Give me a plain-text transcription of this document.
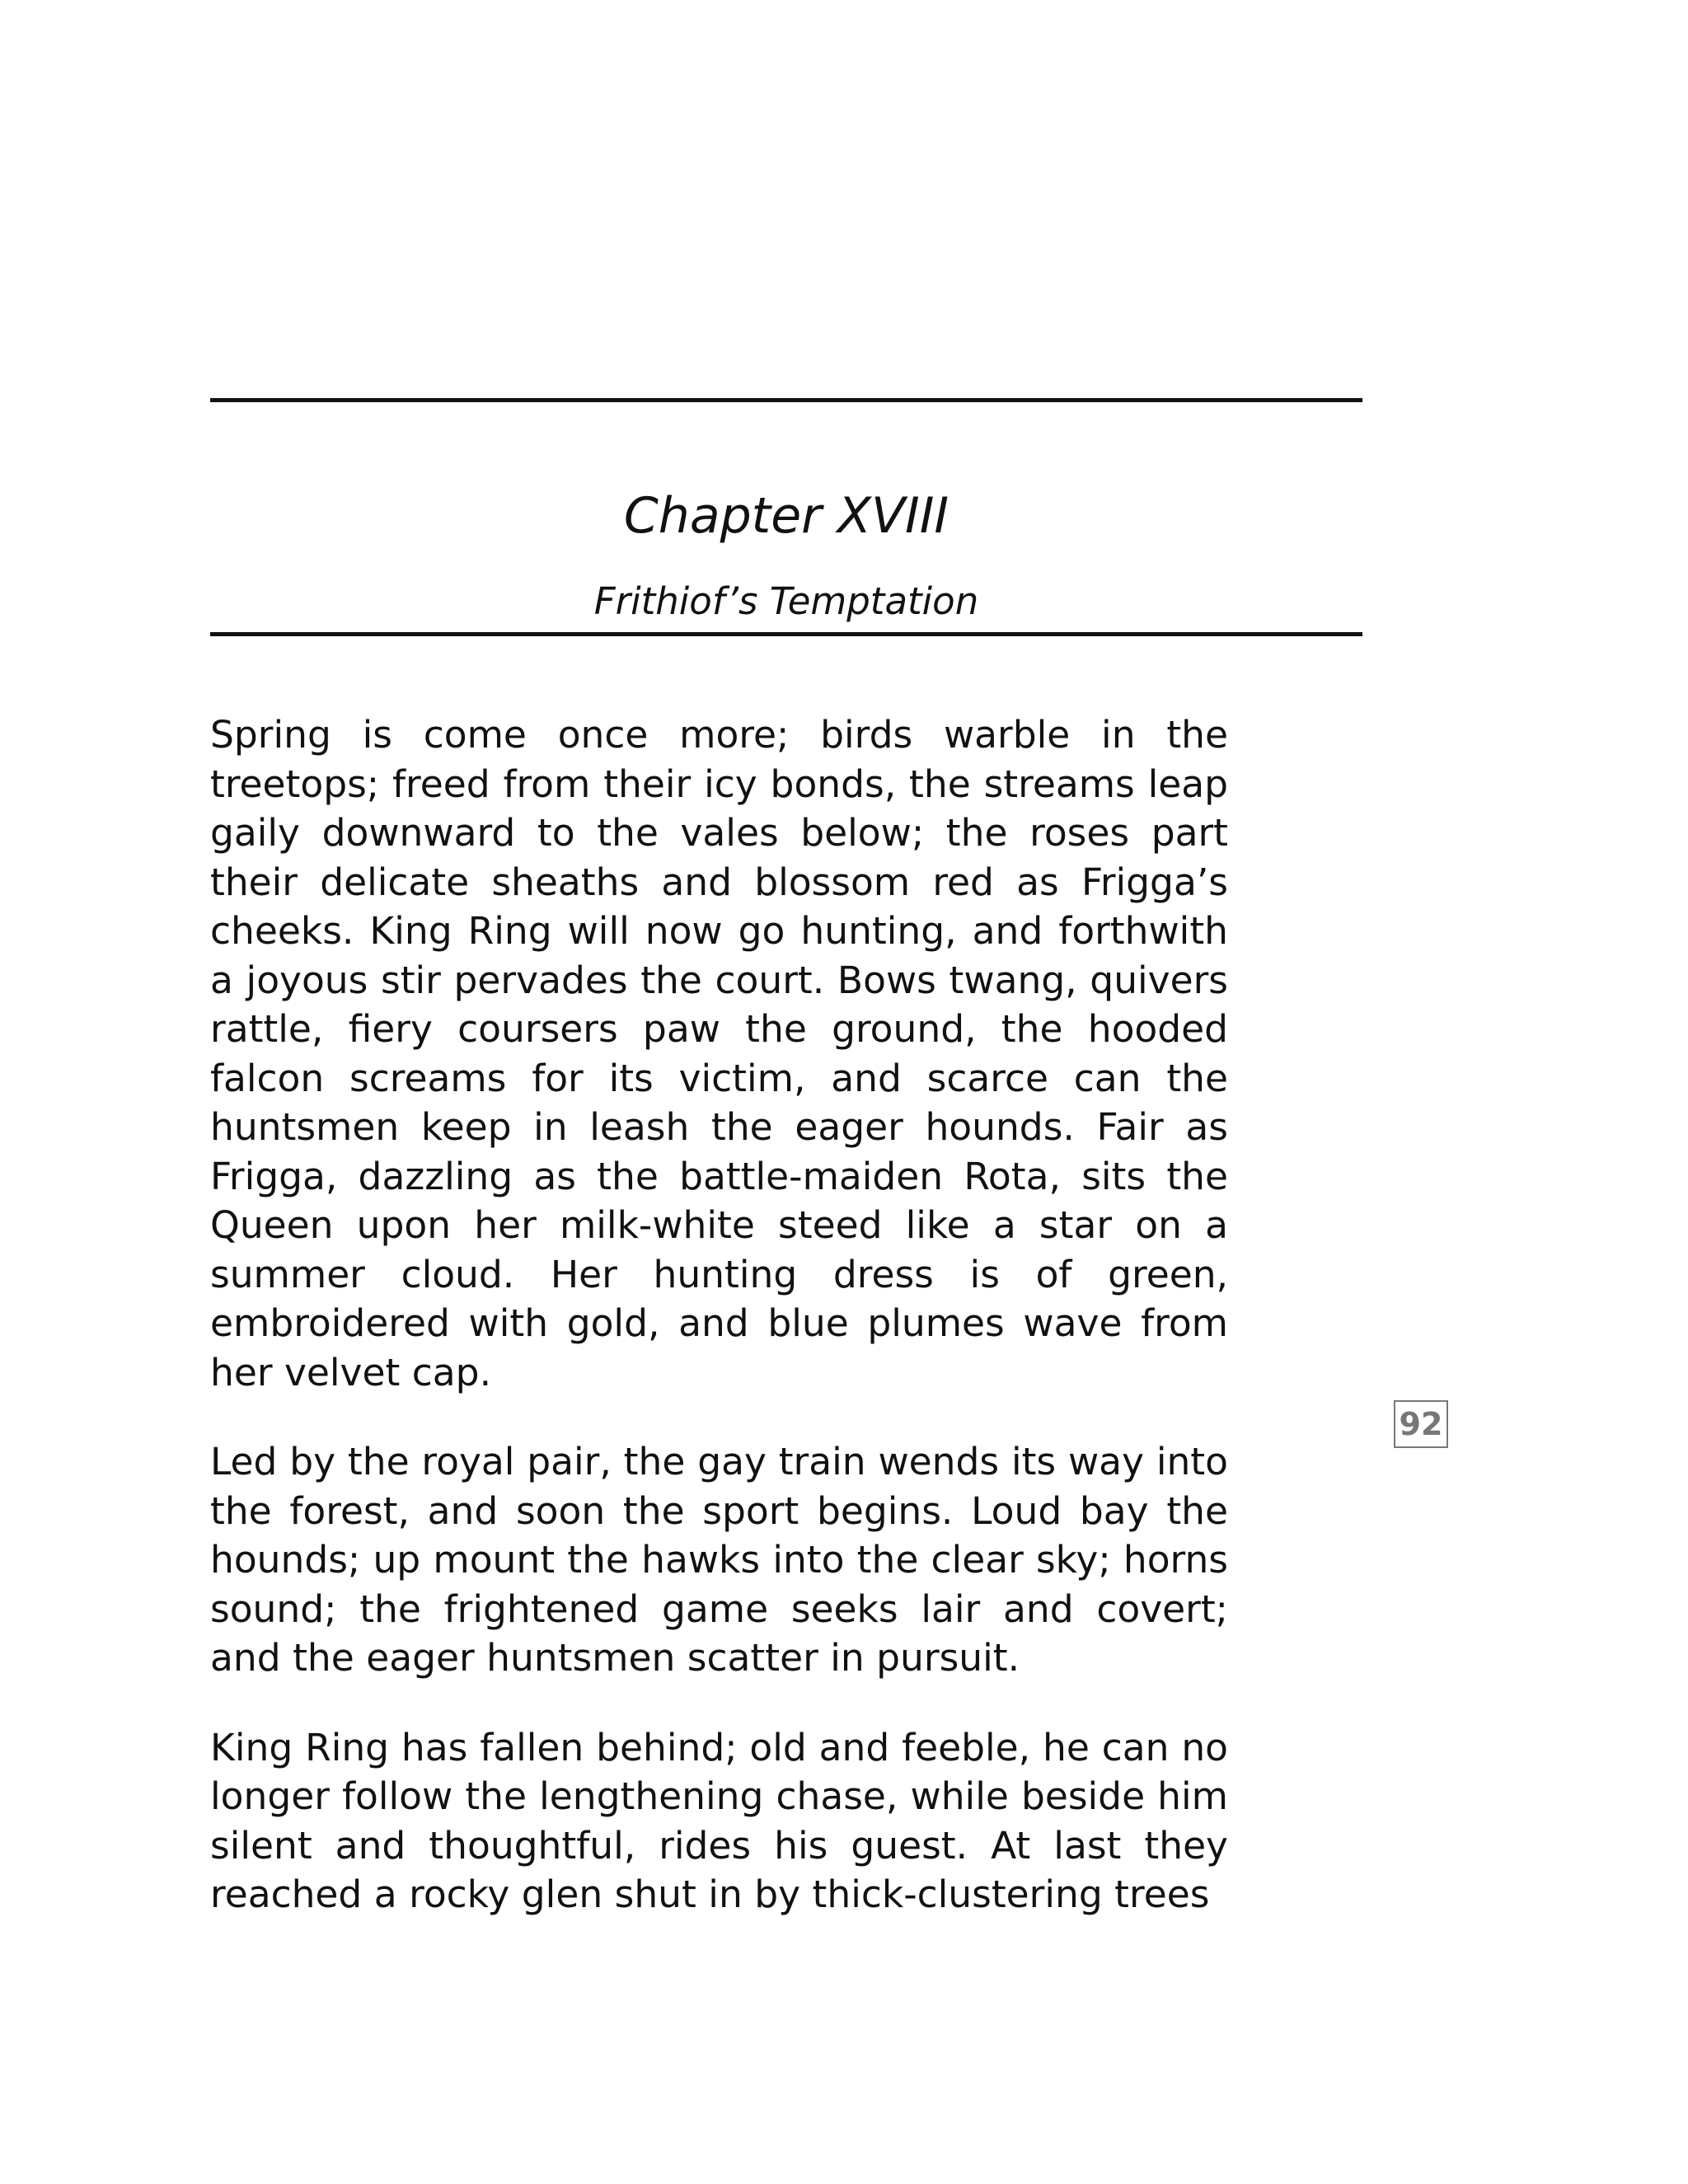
Chapter XVIII
Frithiof’s Temptation

Spring is come once more; birds warble in the treetops; freed from their icy bonds, the streams leap gaily downward to the vales below; the roses part their delicate sheaths and blossom red as Frigga’s cheeks. King Ring will now go hunting, and forthwith a joyous stir pervades the court. Bows twang, quivers rattle, fiery coursers paw the ground, the hooded falcon screams for its victim, and scarce can the huntsmen keep in leash the eager hounds. Fair as Frigga, dazzling as the battle-maiden Rota, sits the Queen upon her milk-white steed like a star on a summer cloud. Her hunting dress is of green, embroidered with gold, and blue plumes wave from her velvet cap.

Led by the royal pair, the gay train wends its way into the forest, and soon the sport begins. Loud bay the hounds; up mount the hawks into the clear sky; horns sound; the frightened game seeks lair and covert; and the eager huntsmen scatter in pursuit.

King Ring has fallen behind; old and feeble, he can no longer follow the lengthening chase, while beside him silent and thoughtful, rides his guest. At last they reached a rocky glen shut in by thick-clustering trees

92
